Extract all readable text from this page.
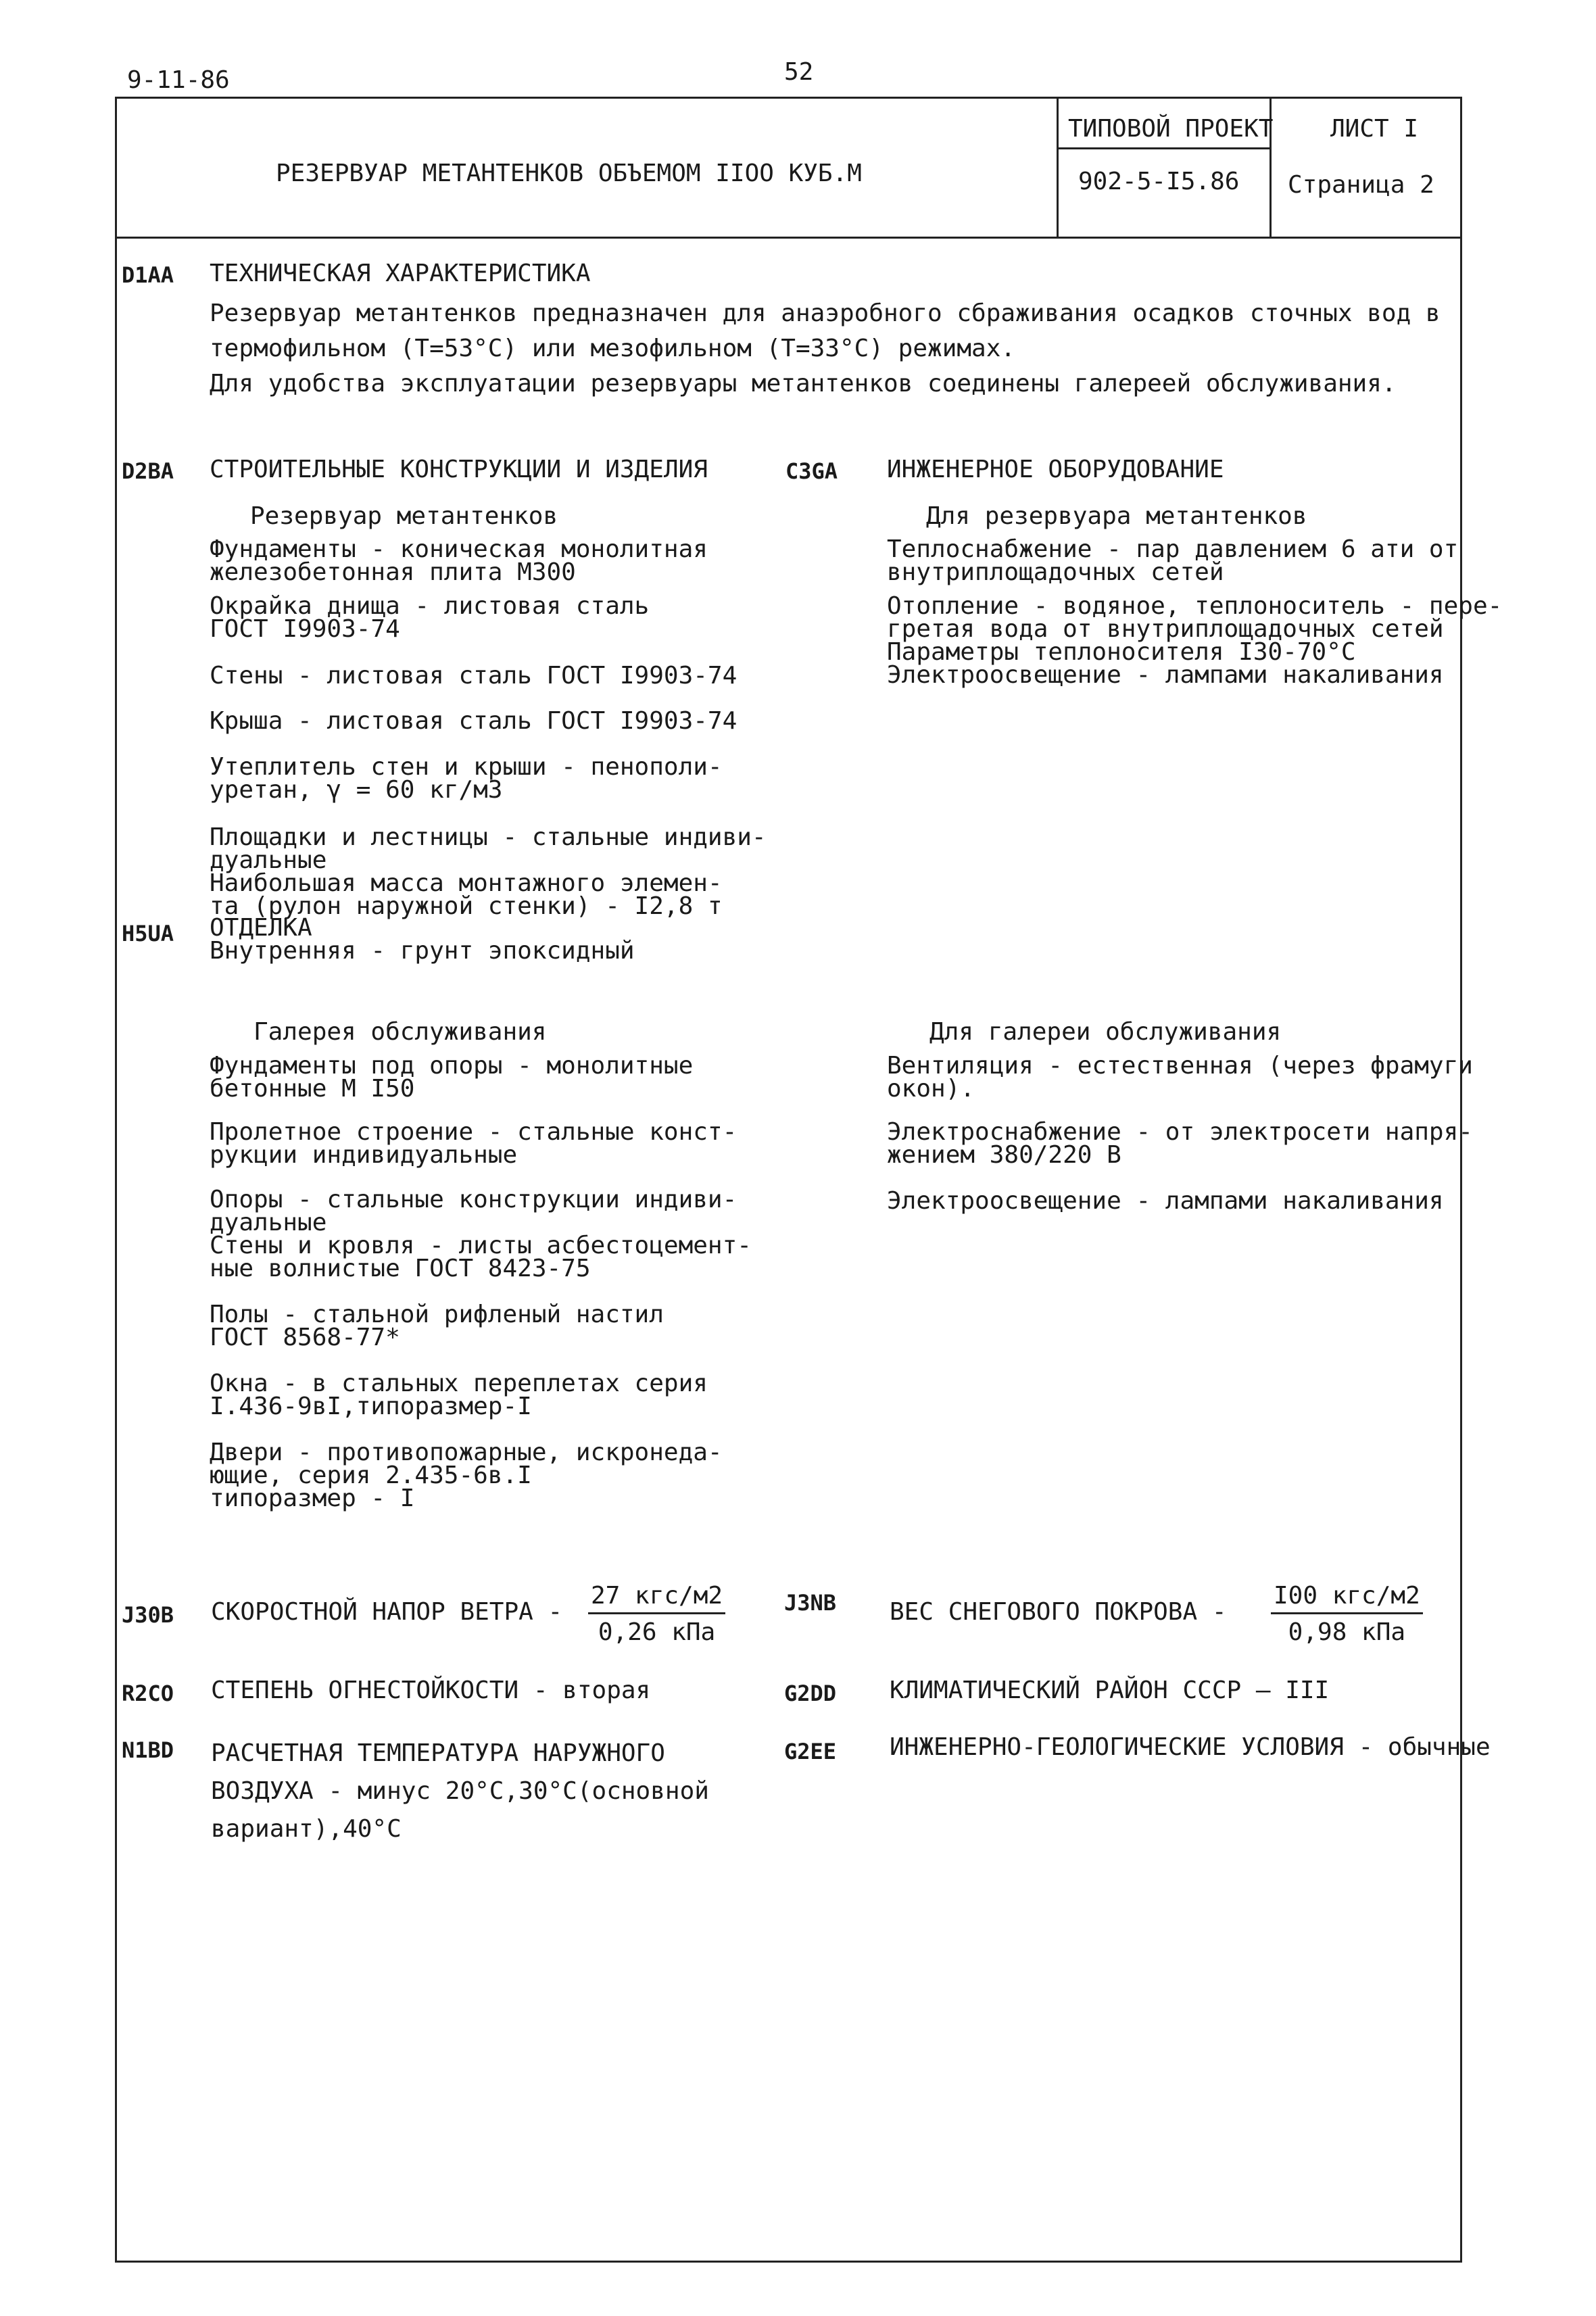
9-11-86	52
РЕЗЕРВУАР МЕТАНТЕНКОВ ОБЪЕМОМ IIOO КУБ.М
ТИПОВОЙ ПРОЕКТ
902-5-I5.86
ЛИСТ I
Страница 2
D1AA ТЕХНИЧЕСКАЯ ХАРАКТЕРИСТИКА
Резервуар метантенков предназначен для анаэробного сбраживания осадков сточных вод в
термофильном (Т=53°С) или мезофильном (Т=33°С) режимах.
Для удобства эксплуатации резервуары метантенков соединены галереей обслуживания.
D2BA СТРОИТЕЛЬНЫЕ КОНСТРУКЦИИ И ИЗДЕЛИЯ
Резервуар метантенков
Фундаменты - коническая монолитная
железобетонная плита М300
Окрайка днища - листовая сталь
ГОСТ I9903-74
Стены - листовая сталь ГОСТ I9903-74
Крыша - листовая сталь ГОСТ I9903-74
Утеплитель стен и крыши - пенополи-
уретан, γ = 60 кг/м3
Площадки и лестницы - стальные индиви-
дуальные
Наибольшая масса монтажного элемен-
та (рулон наружной стенки) - I2,8 т
H5UA ОТДЕЛКА
Внутренняя - грунт эпоксидный
Галерея обслуживания
Фундаменты под опоры - монолитные
бетонные М I50
Пролетное строение - стальные конст-
рукции индивидуальные
Опоры - стальные конструкции индиви-
дуальные
Стены и кровля - листы асбестоцемент-
ные волнистые ГОСТ 8423-75
Полы - стальной рифленый настил
ГОСТ 8568-77*
Окна - в стальных переплетах серия
I.436-9вI,типоразмер-I
Двери - противопожарные, искронеда-
ющие, серия 2.435-6в.I
типоразмер - I
C3GA ИНЖЕНЕРНОЕ ОБОРУДОВАНИЕ
Для резервуара метантенков
Теплоснабжение - пар давлением 6 ати от
внутриплощадочных сетей
Отопление - водяное, теплоноситель - пере-
гретая вода от внутриплощадочных сетей
Параметры теплоносителя I30-70°С
Электроосвещение - лампами накаливания
Для галереи обслуживания
Вентиляция - естественная (через фрамуги
окон).
Электроснабжение - от электросети напря-
жением 380/220 В
Электроосвещение - лампами накаливания
J30B СКОРОСТНОЙ НАПОР ВЕТРА -
27 кгс/м2
0,26 кПа
J3NB ВЕС СНЕГОВОГО ПОКРОВА -
I00 кгс/м2
0,98 кПа
R2CO СТЕПЕНЬ ОГНЕСТОЙКОСТИ - вторая	G2DD КЛИМАТИЧЕСКИЙ РАЙОН СССР — III
N1BD РАСЧЕТНАЯ ТЕМПЕРАТУРА НАРУЖНОГО
ВОЗДУХА - минус 20°С,30°С(основной
вариант),40°С
G2EE ИНЖЕНЕРНО-ГЕОЛОГИЧЕСКИЕ УСЛОВИЯ - обычные
